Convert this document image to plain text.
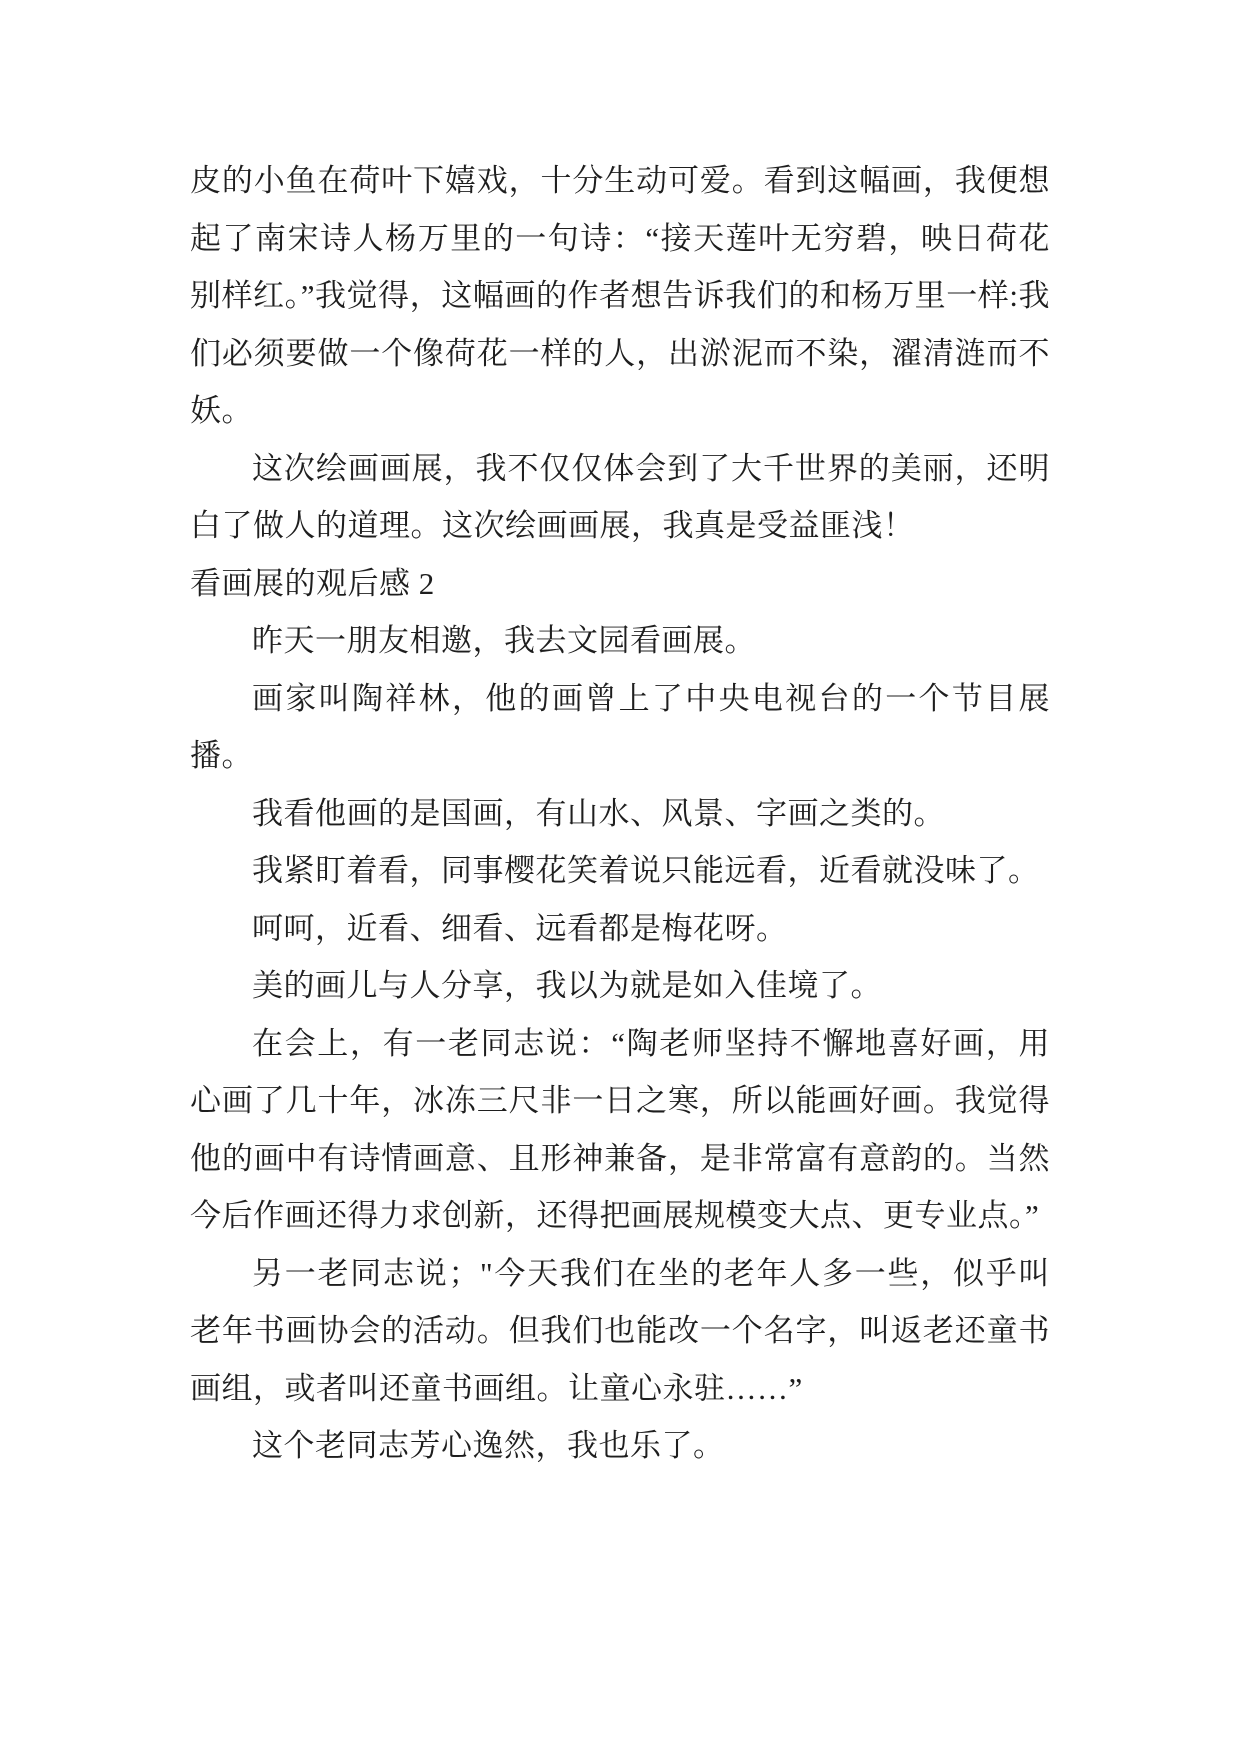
皮的小鱼在荷叶下嬉戏，十分生动可爱。看到这幅画，我便想起了南宋诗人杨万里的一句诗：“接天莲叶无穷碧，映日荷花别样红。”我觉得，这幅画的作者想告诉我们的和杨万里一样:我们必须要做一个像荷花一样的人，出淤泥而不染，濯清涟而不妖。

这次绘画画展，我不仅仅体会到了大千世界的美丽，还明白了做人的道理。这次绘画画展，我真是受益匪浅！

看画展的观后感 2

昨天一朋友相邀，我去文园看画展。

画家叫陶祥林，他的画曾上了中央电视台的一个节目展播。

我看他画的是国画，有山水、风景、字画之类的。

我紧盯着看，同事樱花笑着说只能远看，近看就没味了。

呵呵，近看、细看、远看都是梅花呀。

美的画儿与人分享，我以为就是如入佳境了。

在会上，有一老同志说：“陶老师坚持不懈地喜好画，用心画了几十年，冰冻三尺非一日之寒，所以能画好画。我觉得他的画中有诗情画意、且形神兼备，是非常富有意韵的。当然今后作画还得力求创新，还得把画展规模变大点、更专业点。”

另一老同志说；"今天我们在坐的老年人多一些，似乎叫老年书画协会的活动。但我们也能改一个名字，叫返老还童书画组，或者叫还童书画组。让童心永驻……”

这个老同志芳心逸然，我也乐了。
